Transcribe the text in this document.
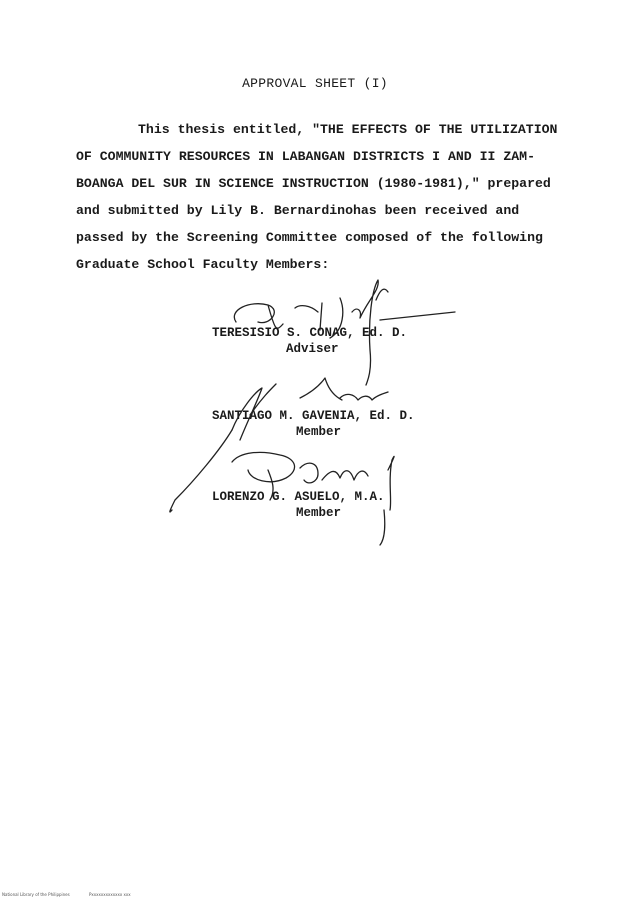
APPROVAL SHEET (I)
This thesis entitled, "THE EFFECTS OF THE UTILIZATION
OF COMMUNITY RESOURCES IN LABANGAN DISTRICTS I AND II ZAM-
BOANGA DEL SUR IN SCIENCE INSTRUCTION (1980-1981)," prepared
and submitted by Lily B. Bernardinohas been received and
passed by the Screening Committee composed of the following
Graduate School Faculty Members:
TERESISIO S. CONAG, Ed. D.
Adviser
SANTIAGO M. GAVENIA, Ed. D.
Member
LORENZO G. ASUELO, M.A.
Member
National Library of the Philippines	Pxxxxxxxxxxxxx xxx
